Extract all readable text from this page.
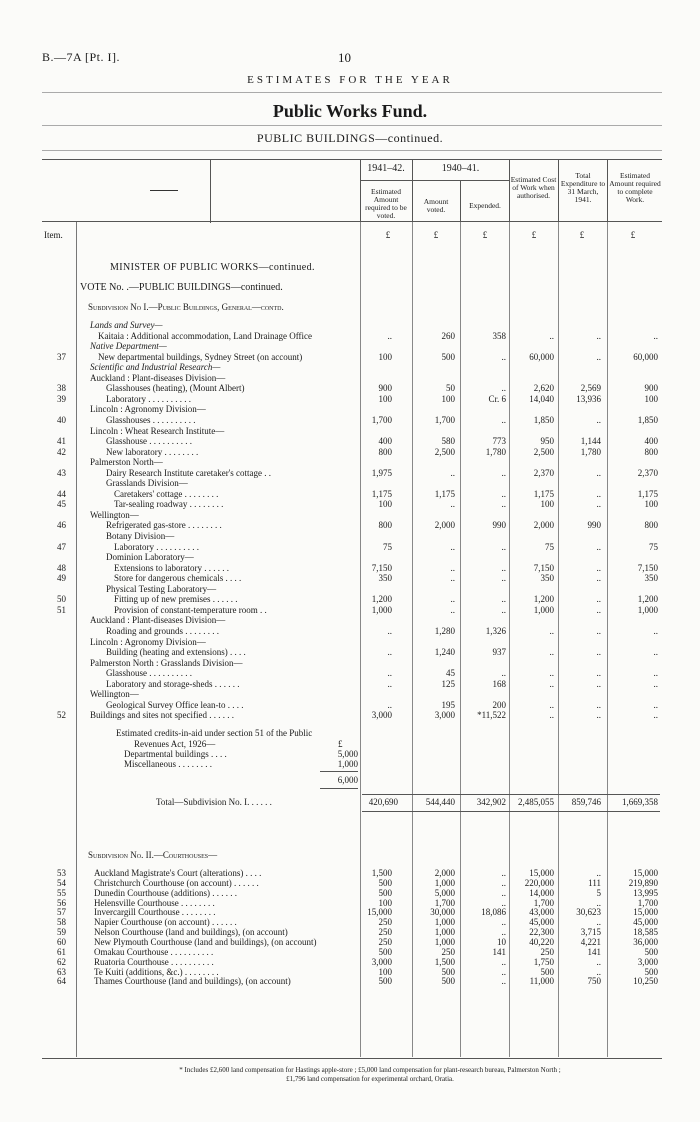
B.—7A [Pt. I].	10
ESTIMATES FOR THE YEAR
Public Works Fund.
PUBLIC BUILDINGS—continued.
1941–42.	1940–41.
Estimated Amount required to be voted.
Amount voted.	Expended.
Estimated Cost of Work when authorised.
Total Expenditure to 31 March, 1941.
Estimated Amount required to complete Work.
Item.	£	£	£	£	£	£
MINISTER OF PUBLIC WORKS—continued.
VOTE No. .—PUBLIC BUILDINGS—continued.
Subdivision No I.—Public Buildings, General—contd.
Lands and Survey—
Kaitaia : Additional accommodation, Land Drainage Office	..	260	358	..	..	..
Native Department—
37	New departmental buildings, Sydney Street (on account)	100	500	..	60,000	..	60,000
Scientific and Industrial Research—
Auckland : Plant-diseases Division—
38	Glasshouses (heating), (Mount Albert)	900	50	..	2,620	2,569	900
39	Laboratory . . . . . . . . . .	100	100	Cr. 6	14,040	13,936	100
Lincoln : Agronomy Division—
40	Glasshouses . . . . . . . . . .	1,700	1,700	..	1,850	..	1,850
Lincoln : Wheat Research Institute—
41	Glasshouse . . . . . . . . . .	400	580	773	950	1,144	400
42	New laboratory . . . . . . . .	800	2,500	1,780	2,500	1,780	800
Palmerston North—
43	Dairy Research Institute caretaker's cottage . .	1,975	..	..	2,370	..	2,370
Grasslands Division—
44	Caretakers' cottage . . . . . . . .	1,175	1,175	..	1,175	..	1,175
45	Tar-sealing roadway . . . . . . . .	100	..	..	100	..	100
Wellington—
46	Refrigerated gas-store . . . . . . . .	800	2,000	990	2,000	990	800
Botany Division—
47	Laboratory . . . . . . . . . .	75	..	..	75	..	75
Dominion Laboratory—
48	Extensions to laboratory . . . . . .	7,150	..	..	7,150	..	7,150
49	Store for dangerous chemicals . . . .	350	..	..	350	..	350
Physical Testing Laboratory—
50	Fitting up of new premises . . . . . .	1,200	..	..	1,200	..	1,200
51	Provision of constant-temperature room . .	1,000	..	..	1,000	..	1,000
Auckland : Plant-diseases Division—
Roading and grounds . . . . . . . .	..	1,280	1,326	..	..	..
Lincoln : Agronomy Division—
Building (heating and extensions) . . . .	..	1,240	937	..	..	..
Palmerston North : Grasslands Division—
Glasshouse . . . . . . . . . .	..	45	..	..	..	..
Laboratory and storage-sheds . . . . . .	..	125	168	..	..	..
Wellington—
Geological Survey Office lean-to . . . .	..	195	200	..	..	..
52	Buildings and sites not specified . . . . . .	3,000	3,000	*11,522	..	..	..
Estimated credits-in-aid under section 51 of the Public
Revenues Act, 1926—	£
Departmental buildings . . . .	5,000
Miscellaneous . . . . . . . .	1,000
6,000
Total—Subdivision No. I. . . . . .	420,690	544,440	342,902	2,485,055	859,746	1,669,358
Subdivision No. II.—Courthouses—
53	Auckland Magistrate's Court (alterations) . . . .	1,500	2,000	..	15,000	..	15,000
54	Christchurch Courthouse (on account) . . . . . .	500	1,000	..	220,000	111	219,890
55	Dunedin Courthouse (additions) . . . . . .	500	5,000	..	14,000	5	13,995
56	Helensville Courthouse . . . . . . . .	100	1,700	..	1,700	..	1,700
57	Invercargill Courthouse . . . . . . . .	15,000	30,000	18,086	43,000	30,623	15,000
58	Napier Courthouse (on account) . . . . . .	250	1,000	..	45,000	..	45,000
59	Nelson Courthouse (land and buildings), (on account)	250	1,000	..	22,300	3,715	18,585
60	New Plymouth Courthouse (land and buildings), (on account)	250	1,000	10	40,220	4,221	36,000
61	Omakau Courthouse . . . . . . . . . .	500	250	141	250	141	500
62	Ruatoria Courthouse . . . . . . . . . .	3,000	1,500	..	1,750	..	3,000
63	Te Kuiti (additions, &c.) . . . . . . . .	100	500	..	500	..	500
64	Thames Courthouse (land and buildings), (on account)	500	500	..	11,000	750	10,250
* Includes £2,600 land compensation for Hastings apple-store ; £5,000 land compensation for plant-research bureau, Palmerston North ;
£1,796 land compensation for experimental orchard, Oratia.
